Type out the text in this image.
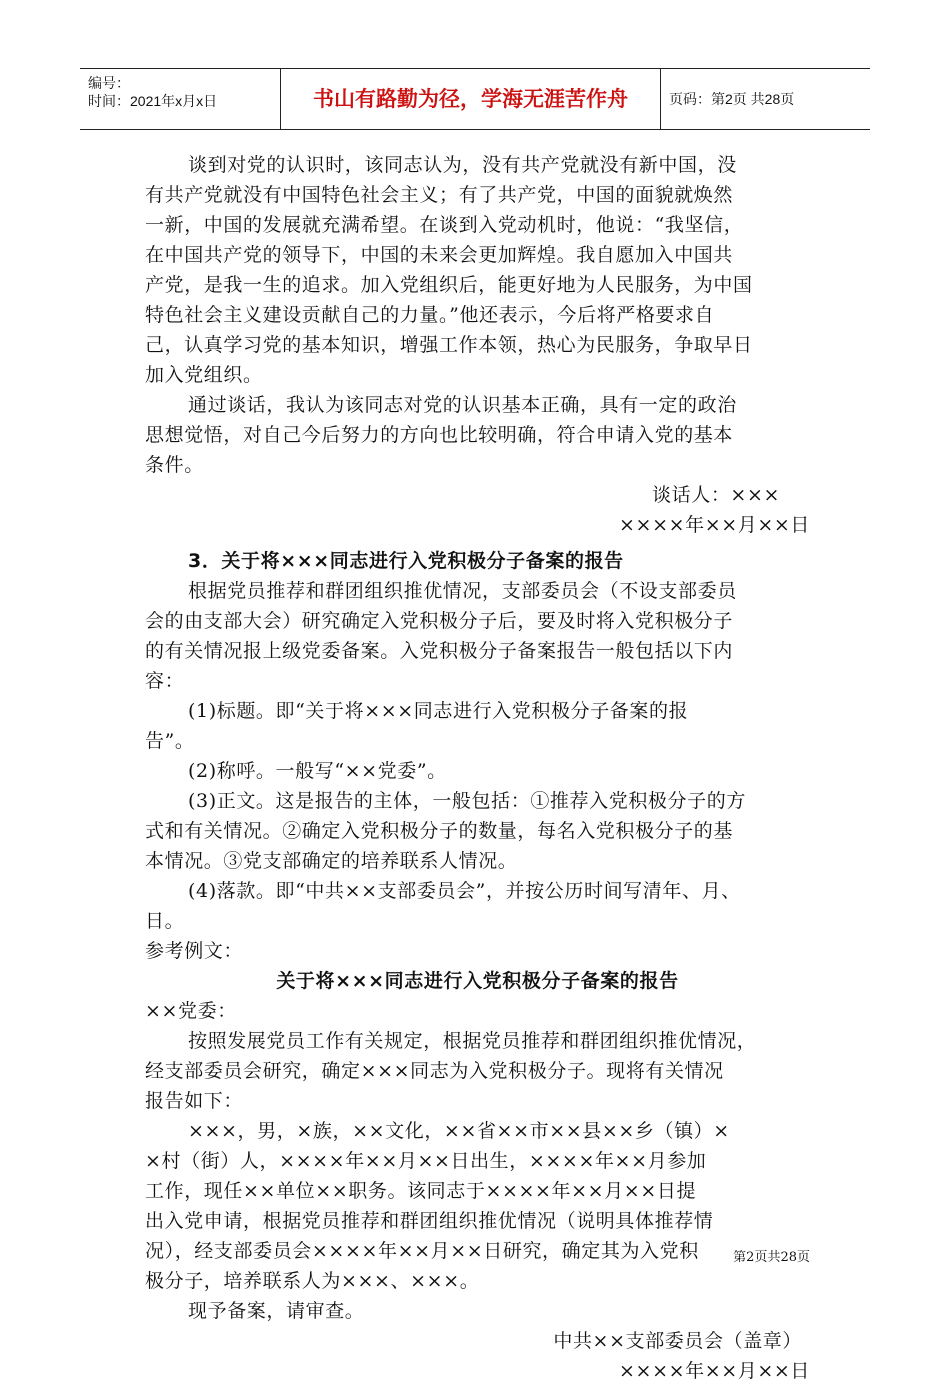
编号：
时间：2021年x月x日	书山有路勤为径，学海无涯苦作舟	页码：第2页 共28页
谈到对党的认识时，该同志认为，没有共产党就没有新中国，没
有共产党就没有中国特色社会主义；有了共产党，中国的面貌就焕然
一新，中国的发展就充满希望。在谈到入党动机时，他说：“我坚信，
在中国共产党的领导下，中国的未来会更加辉煌。我自愿加入中国共
产党，是我一生的追求。加入党组织后，能更好地为人民服务，为中国
特色社会主义建设贡献自己的力量。”他还表示，今后将严格要求自
己，认真学习党的基本知识，增强工作本领，热心为民服务，争取早日
加入党组织。
通过谈话，我认为该同志对党的认识基本正确，具有一定的政治
思想觉悟，对自己今后努力的方向也比较明确，符合申请入党的基本
条件。
谈话人：×××
××××年××月××日
3．关于将×××同志进行入党积极分子备案的报告
根据党员推荐和群团组织推优情况，支部委员会（不设支部委员
会的由支部大会）研究确定入党积极分子后，要及时将入党积极分子
的有关情况报上级党委备案。入党积极分子备案报告一般包括以下内
容：
(1)标题。即“关于将×××同志进行入党积极分子备案的报
告”。
(2)称呼。一般写“××党委”。
(3)正文。这是报告的主体，一般包括：①推荐入党积极分子的方
式和有关情况。②确定入党积极分子的数量，每名入党积极分子的基
本情况。③党支部确定的培养联系人情况。
(4)落款。即“中共××支部委员会”，并按公历时间写清年、月、
日。
参考例文：
关于将×××同志进行入党积极分子备案的报告
××党委：
按照发展党员工作有关规定，根据党员推荐和群团组织推优情况，
经支部委员会研究，确定×××同志为入党积极分子。现将有关情况
报告如下：
×××，男，×族，××文化，××省××市××县××乡（镇）×
×村（街）人，××××年××月××日出生，××××年××月参加
工作，现任××单位××职务。该同志于××××年××月××日提
出入党申请，根据党员推荐和群团组织推优情况（说明具体推荐情
况），经支部委员会××××年××月××日研究，确定其为入党积
极分子，培养联系人为×××、×××。
现予备案，请审查。
中共××支部委员会（盖章）
××××年××月××日
第2页共28页
